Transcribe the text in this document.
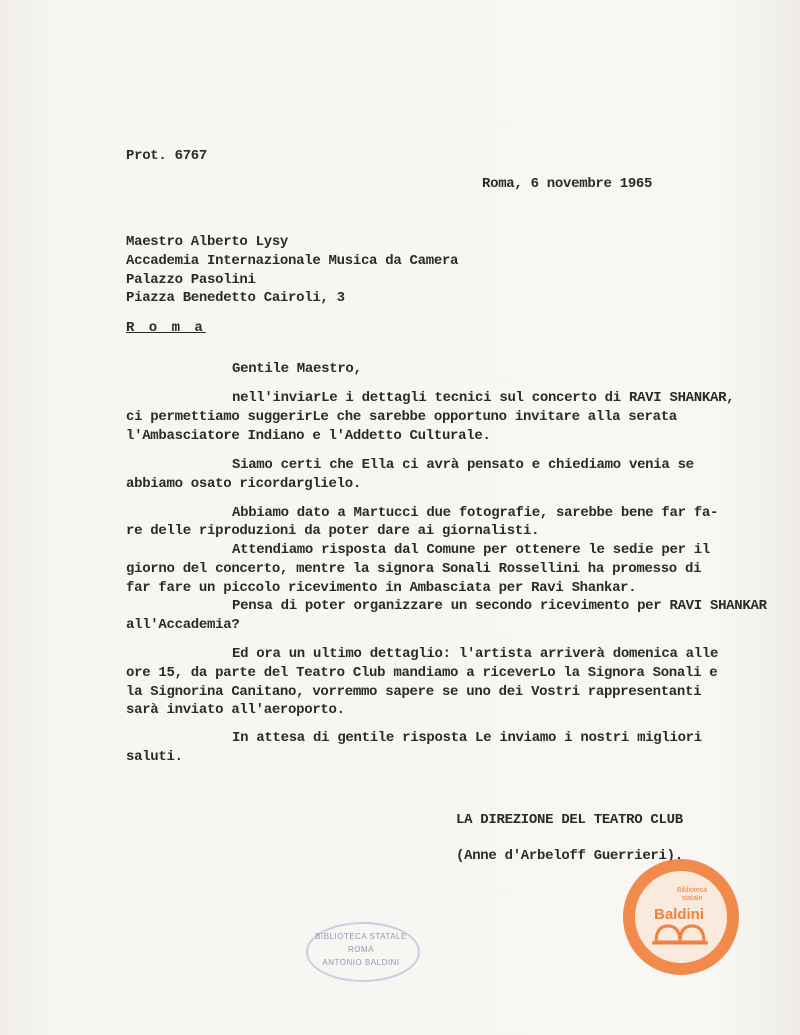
Prot. 6767
Roma, 6 novembre 1965
Maestro Alberto Lysy
Accademia Internazionale Musica da Camera
Palazzo Pasolini
Piazza Benedetto Cairoli, 3
R o m a
Gentile Maestro,
nell'inviarLe i dettagli tecnici sul concerto di RAVI SHANKAR,
ci permettiamo suggerirLe che sarebbe opportuno invitare alla serata
l'Ambasciatore Indiano e l'Addetto Culturale.
Siamo certi che Ella ci avrà pensato e chiediamo venia se
abbiamo osato ricordarglielo.
Abbiamo dato a Martucci due fotografie, sarebbe bene far fa-
re delle riproduzioni da poter dare ai giornalisti.
Attendiamo risposta dal Comune per ottenere le sedie per il
giorno del concerto, mentre la signora Sonali Rossellini ha promesso di
far fare un piccolo ricevimento in Ambasciata per Ravi Shankar.
Pensa di poter organizzare un secondo ricevimento per RAVI SHANKAR
all'Accademia?
Ed ora un ultimo dettaglio: l'artista arriverà domenica alle
ore 15, da parte del Teatro Club mandiamo a riceverLo la Signora Sonali e
la Signorina Canitano, vorremmo sapere se uno dei Vostri rappresentanti
sarà inviato all'aeroporto.
In attesa di gentile risposta Le inviamo i nostri migliori
saluti.
LA DIREZIONE DEL TEATRO CLUB
(Anne d'Arbeloff Guerrieri).
BIBLIOTECA STATALE
ROMA
ANTONIO BALDINI
Biblioteca
statale
Baldini
